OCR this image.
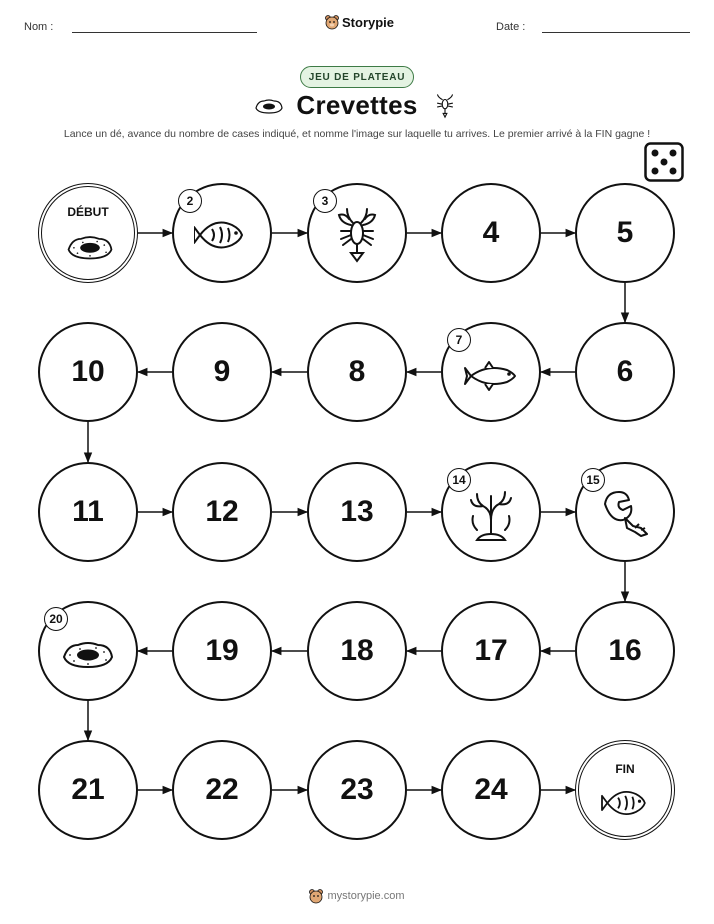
Nom :	Storypie	Date :
JEU DE PLATEAU
Crevettes
Lance un dé, avance du nombre de cases indiqué, et nomme l'image sur laquelle tu arrives. Le premier arrivé à la FIN gagne !
DÉBUT
2	3
4	5
6
7
8
9
10
11	12	13
14	15
16
17
18
19
20
21	22	23	24
FIN
mystorypie.com
